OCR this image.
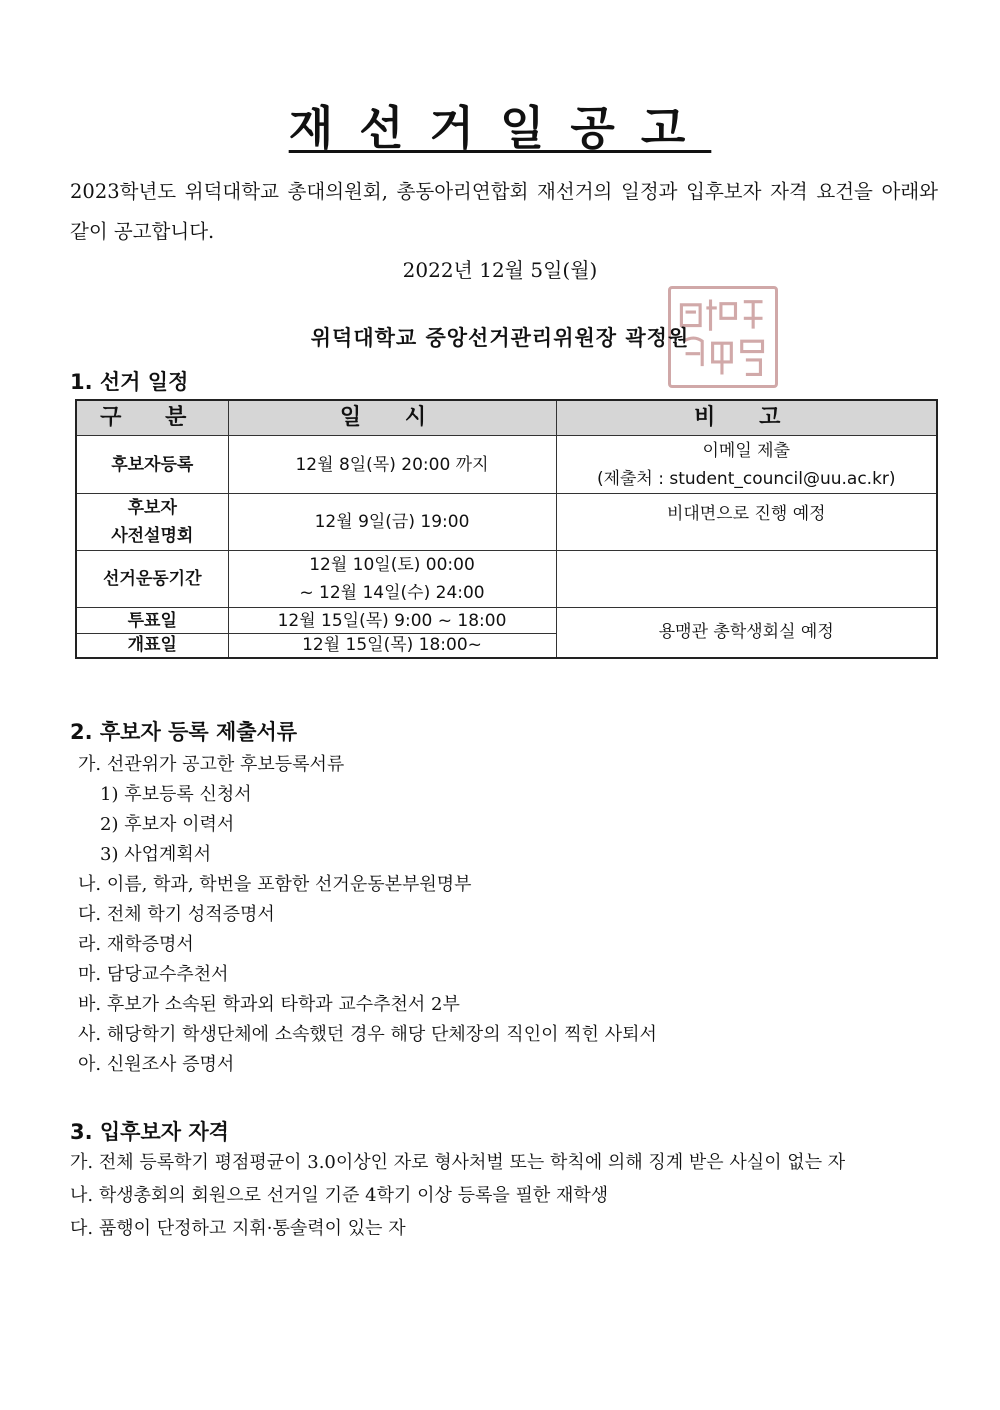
재선거일공고
2023학년도 위덕대학교 총대의원회, 총동아리연합회 재선거의 일정과 입후보자 자격 요건을 아래와 같이 공고합니다.
2022년 12월 5일(월)
위덕대학교 중앙선거관리위원장 곽정원
1. 선거 일정
구 분	일 시	비 고
후보자등록	12월 8일(목) 20:00 까지	이메일 제출
(제출처 : student_council@uu.ac.kr)

후보자
사전설명회	12월 9일(금) 19:00	비대면으로 진행 예정
선거운동기간	12월 10일(토) 00:00
~ 12월 14일(수) 24:00	

투표일	12월 15일(목) 9:00 ~ 18:00	용맹관 총학생회실 예정
개표일	12월 15일(목) 18:00~	
2. 후보자 등록 제출서류
가. 선관위가 공고한 후보등록서류
1) 후보등록 신청서
2) 후보자 이력서
3) 사업계획서
나. 이름, 학과, 학번을 포함한 선거운동본부원명부
다. 전체 학기 성적증명서
라. 재학증명서
마. 담당교수추천서
바. 후보가 소속된 학과외 타학과 교수추천서 2부
사. 해당학기 학생단체에 소속했던 경우 해당 단체장의 직인이 찍힌 사퇴서
아. 신원조사 증명서
3. 입후보자 자격
가. 전체 등록학기 평점평균이 3.0이상인 자로 형사처벌 또는 학칙에 의해 징계 받은 사실이 없는 자
나. 학생총회의 회원으로 선거일 기준 4학기 이상 등록을 필한 재학생
다. 품행이 단정하고 지휘·통솔력이 있는 자
